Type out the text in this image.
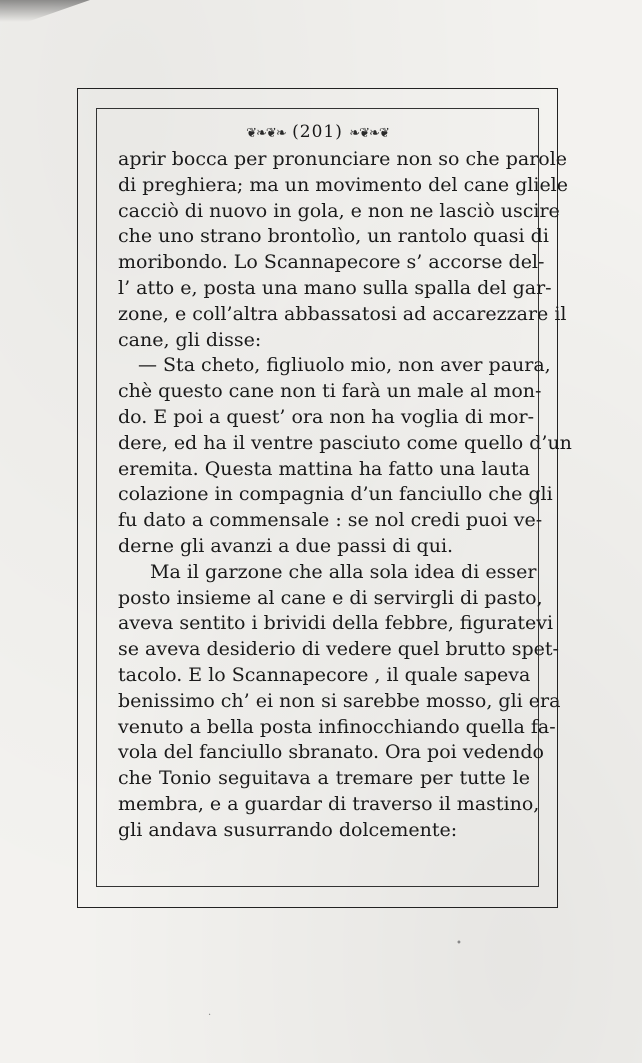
❦❧❦❧ (201) ❧❦❧❦
aprir bocca per pronunciare non so che parole
di preghiera; ma un movimento del cane gliele
cacciò di nuovo in gola, e non ne lasciò uscire
che uno strano brontolìo, un rantolo quasi di
moribondo. Lo Scannapecore s’ accorse del-
l’ atto e, posta una mano sulla spalla del gar-
zone, e coll’altra abbassatosi ad accarezzare il
cane, gli disse:
— Sta cheto, figliuolo mio, non aver paura,
chè questo cane non ti farà un male al mon-
do. E poi a quest’ ora non ha voglia di mor-
dere, ed ha il ventre pasciuto come quello d’un
eremita. Questa mattina ha fatto una lauta
colazione in compagnia d’un fanciullo che gli
fu dato a commensale : se nol credi puoi ve-
derne gli avanzi a due passi di qui.
Ma il garzone che alla sola idea di esser
posto insieme al cane e di servirgli di pasto,
aveva sentito i brividi della febbre, figuratevi
se aveva desiderio di vedere quel brutto spet-
tacolo. E lo Scannapecore , il quale sapeva
benissimo ch’ ei non si sarebbe mosso, gli era
venuto a bella posta infinocchiando quella fa-
vola del fanciullo sbranato. Ora poi vedendo
che Tonio seguitava a tremare per tutte le
membra, e a guardar di traverso il mastino,
gli andava susurrando dolcemente:
•
·
